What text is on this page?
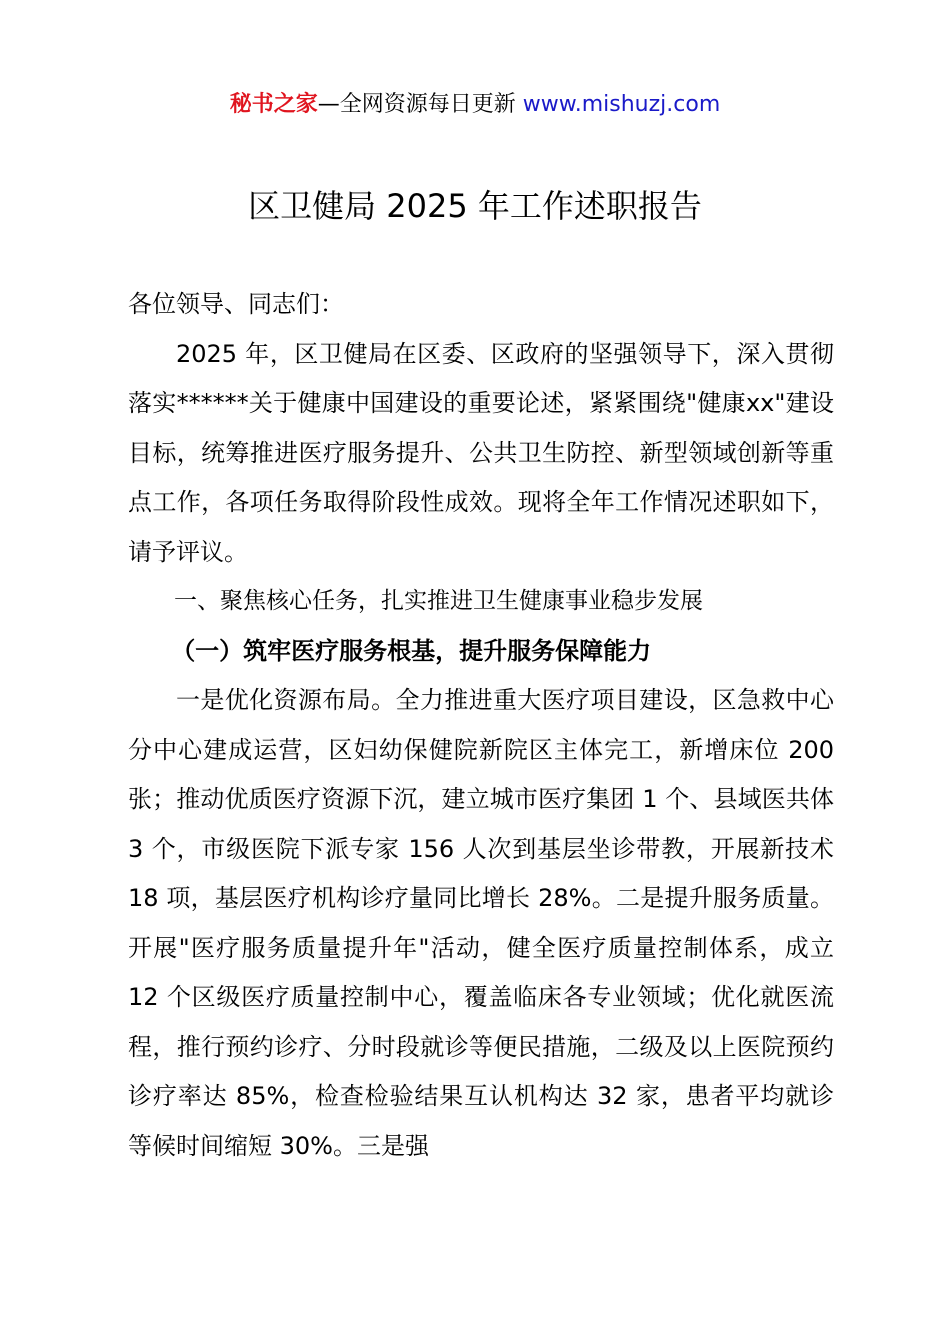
秘书之家—全网资源每日更新 www.mishuzj.com
区卫健局 2025 年工作述职报告

各位领导、同志们：

2025 年，区卫健局在区委、区政府的坚强领导下，深入贯彻落实******关于健康中国建设的重要论述，紧紧围绕"健康xx"建设目标，统筹推进医疗服务提升、公共卫生防控、新型领域创新等重点工作，各项任务取得阶段性成效。现将全年工作情况述职如下，请予评议。

一、聚焦核心任务，扎实推进卫生健康事业稳步发展

（一）筑牢医疗服务根基，提升服务保障能力

一是优化资源布局。全力推进重大医疗项目建设，区急救中心分中心建成运营，区妇幼保健院新院区主体完工，新增床位 200 张；推动优质医疗资源下沉，建立城市医疗集团 1 个、县域医共体 3 个，市级医院下派专家 156 人次到基层坐诊带教，开展新技术 18 项，基层医疗机构诊疗量同比增长 28%。二是提升服务质量。开展"医疗服务质量提升年"活动，健全医疗质量控制体系，成立 12 个区级医疗质量控制中心，覆盖临床各专业领域；优化就医流程，推行预约诊疗、分时段就诊等便民措施，二级及以上医院预约诊疗率达 85%，检查检验结果互认机构达 32 家，患者平均就诊等候时间缩短 30%。三是强
